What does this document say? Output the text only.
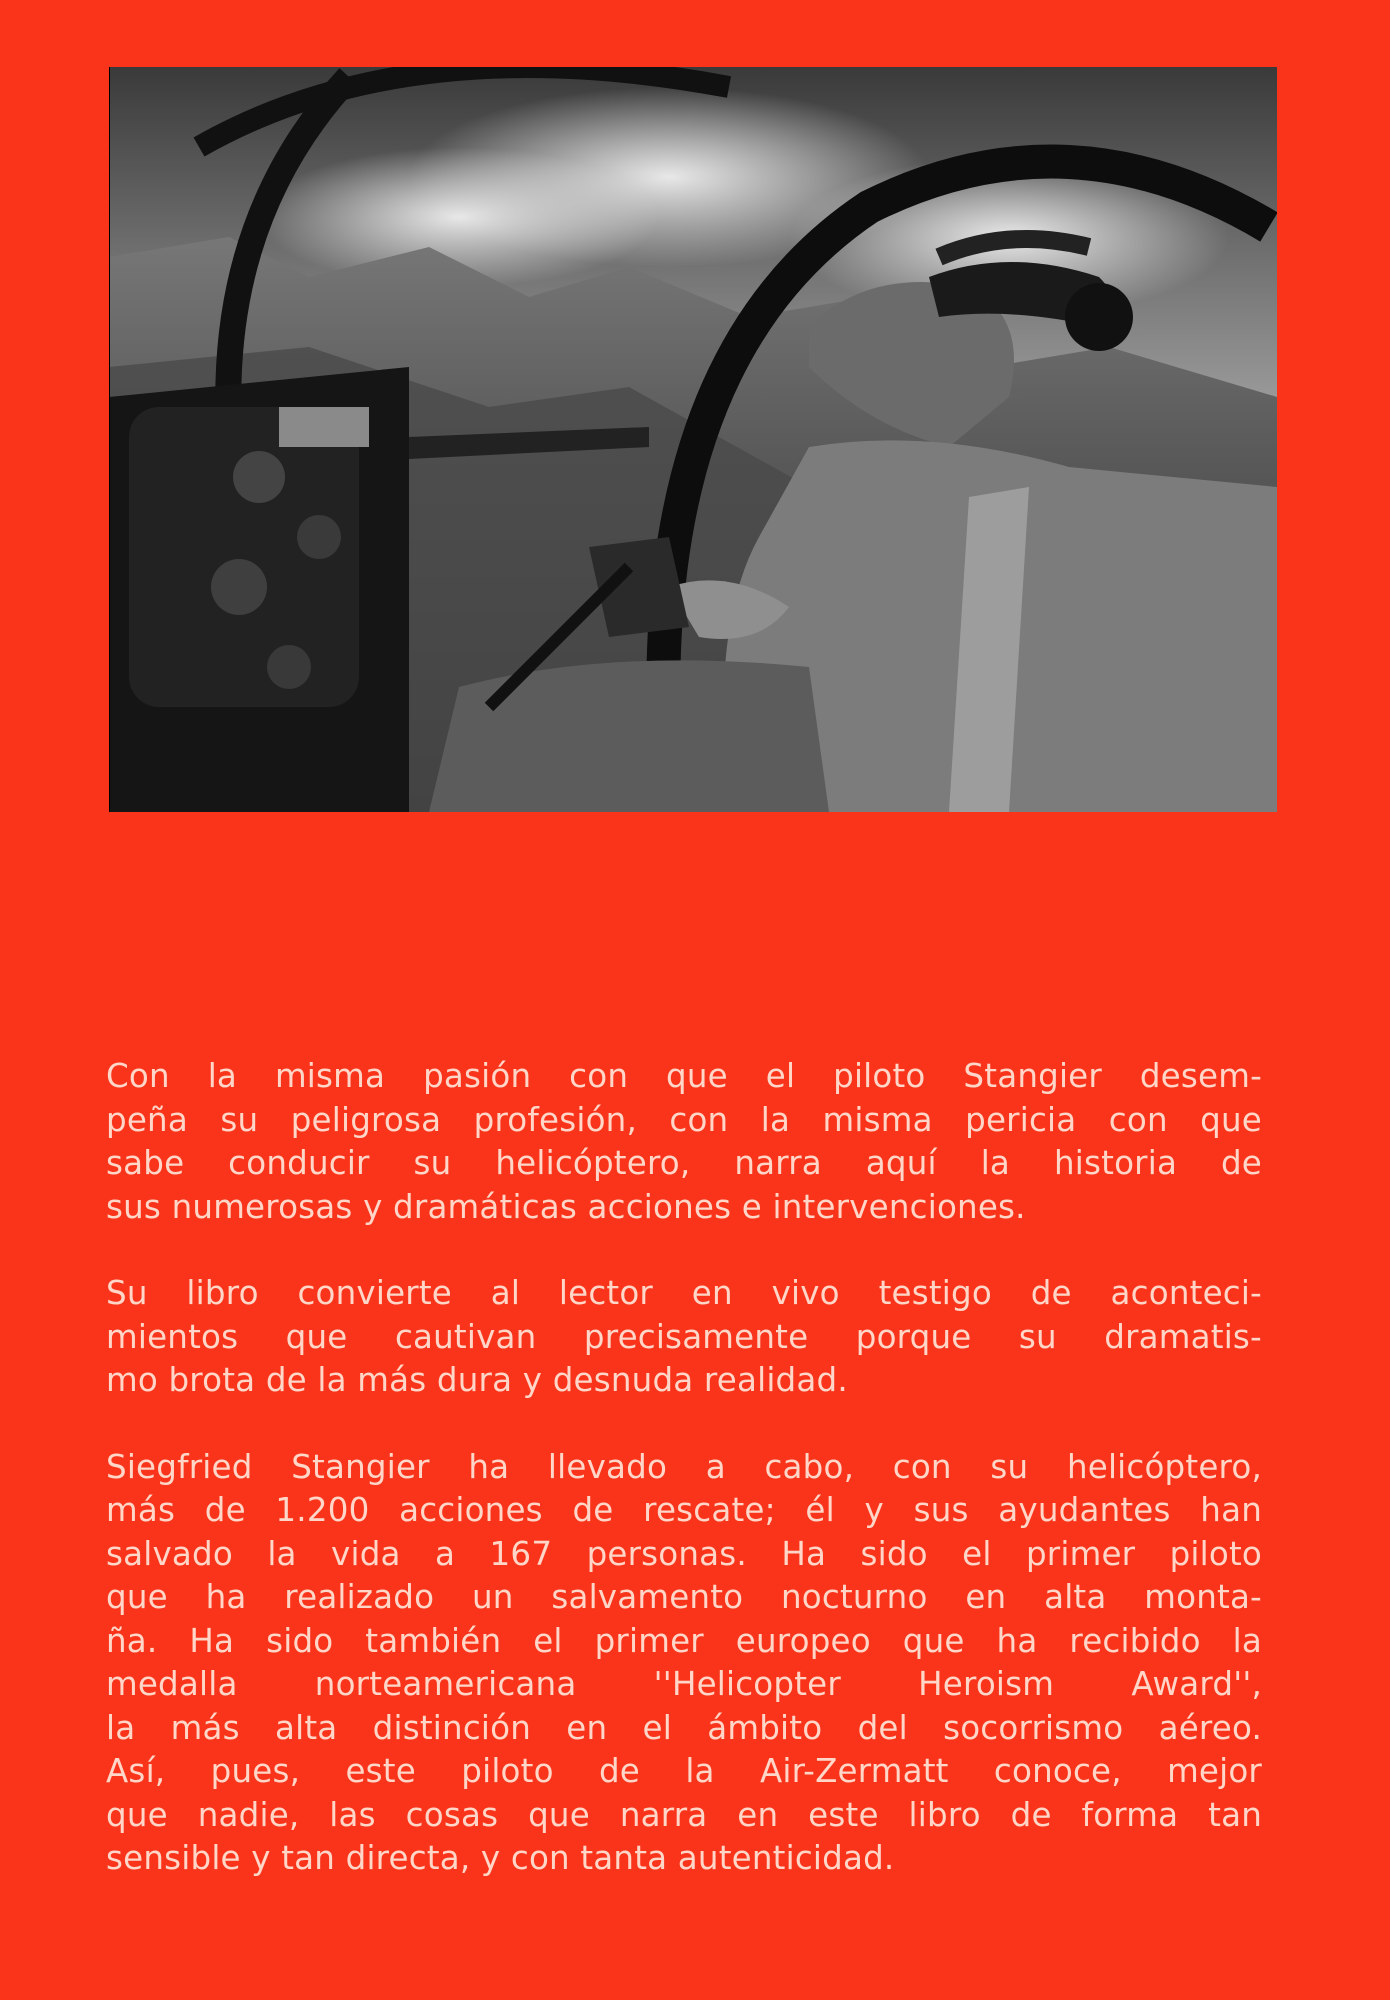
Con la misma pasión con que el piloto Stangier desem-
peña su peligrosa profesión, con la misma pericia con que
sabe conducir su helicóptero, narra aquí la historia de
sus numerosas y dramáticas acciones e intervenciones.
Su libro convierte al lector en vivo testigo de aconteci-
mientos que cautivan precisamente porque su dramatis-
mo brota de la más dura y desnuda realidad.
Siegfried Stangier ha llevado a cabo, con su helicóptero,
más de 1.200 acciones de rescate; él y sus ayudantes han
salvado la vida a 167 personas. Ha sido el primer piloto
que ha realizado un salvamento nocturno en alta monta-
ña. Ha sido también el primer europeo que ha recibido la
medalla norteamericana ''Helicopter Heroism Award'',
la más alta distinción en el ámbito del socorrismo aéreo.
Así, pues, este piloto de la Air-Zermatt conoce, mejor
que nadie, las cosas que narra en este libro de forma tan
sensible y tan directa, y con tanta autenticidad.
